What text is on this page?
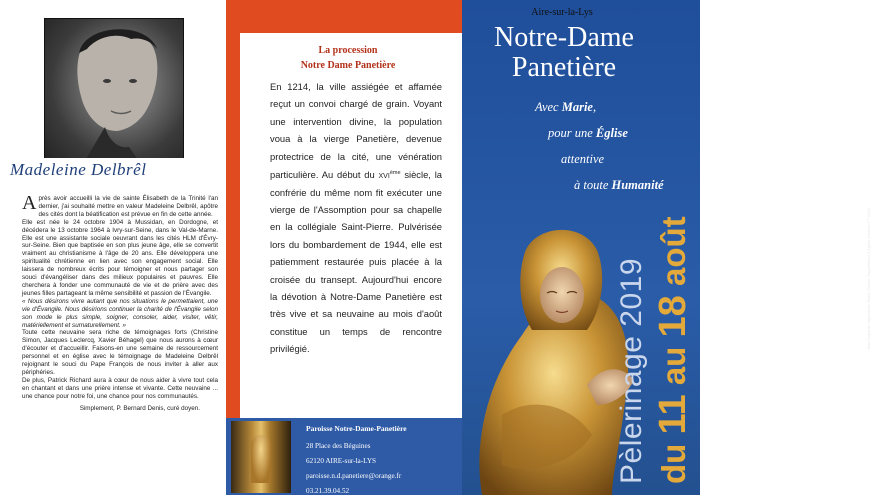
Madeleine Delbrêl

Après avoir accueilli la vie de sainte Élisabeth de la Trinité l'an dernier, j'ai souhaité mettre en valeur Madeleine Delbrêl, apôtre des cités dont la béatification est prévue en fin de cette année.

Elle est née le 24 octobre 1904 à Mussidan, en Dordogne, et décédera le 13 octobre 1964 à Ivry-sur-Seine, dans le Val-de-Marne. Elle est une assistante sociale oeuvrant dans les cités HLM d'Évry-sur-Seine. Bien que baptisée en son plus jeune âge, elle se convertit vraiment au christianisme à l'âge de 20 ans. Elle développera une spiritualité chrétienne en lien avec son engagement social. Elle laissera de nombreux écrits pour témoigner et nous partager son souci d'évangéliser dans des milieux populaires et pauvres. Elle cherchera à fonder une communauté de vie et de prière avec des jeunes filles partageant la même sensibilité et passion de l'Évangile.

« Nous désirons vivre autant que nos situations le permettaient, une vie d'Évangile. Nous désirions continuer la charité de l'Évangile selon son mode le plus simple, soigner, consoler, aider, visiter, vêtir, matériellement et surnaturellement. »

Toute cette neuvaine sera riche de témoignages forts (Christine Simon, Jacques Leclercq, Xavier Béhagel) que nous aurons à cœur d'écouter et d'accueillir. Faisons-en une semaine de ressourcement personnel et en église avec le témoignage de Madeleine Delbrêl rejoignant le souci du Pape François de nous inviter à aller aux périphéries.

De plus, Patrick Richard aura à cœur de nous aider à vivre tout cela en chantant et dans une prière intense et vivante. Cette neuvaine ... une chance pour notre foi, une chance pour nos communautés.

Simplement, P. Bernard Denis, curé doyen.

La procession
Notre Dame Panetière

En 1214, la ville assiégée et affamée reçut un convoi chargé de grain. Voyant une intervention divine, la population voua à la vierge Panetière, devenue protectrice de la cité, une vénération particulière. Au début du xvi$^{ème}$ siècle, la confrérie du même nom fit exécuter une vierge de l'Assomption pour sa chapelle en la collégiale Saint-Pierre. Pulvérisée lors du bombardement de 1944, elle est patiemment restaurée puis placée à la croisée du transept. Aujourd'hui encore la dévotion à Notre-Dame Panetière est très vive et sa neuvaine au mois d'août constitue un temps de rencontre privilégié.

Paroisse Notre-Dame-Panetière
28 Place des Béguines
62120 AIRE-sur-la-LYS
paroisse.n.d.panetiere@orange.fr
03.21.39.04.52
Aire-sur-la-Lys
Notre-Dame
Panetière
Avec Marie,
pour une Église
attentive
à toute Humanité
Jean Capoulin Imprimerie Julien, Orsion. Supplément à Église d'Artois n°7 2019
Pèlerinage 2019 du 11 au 18 août
